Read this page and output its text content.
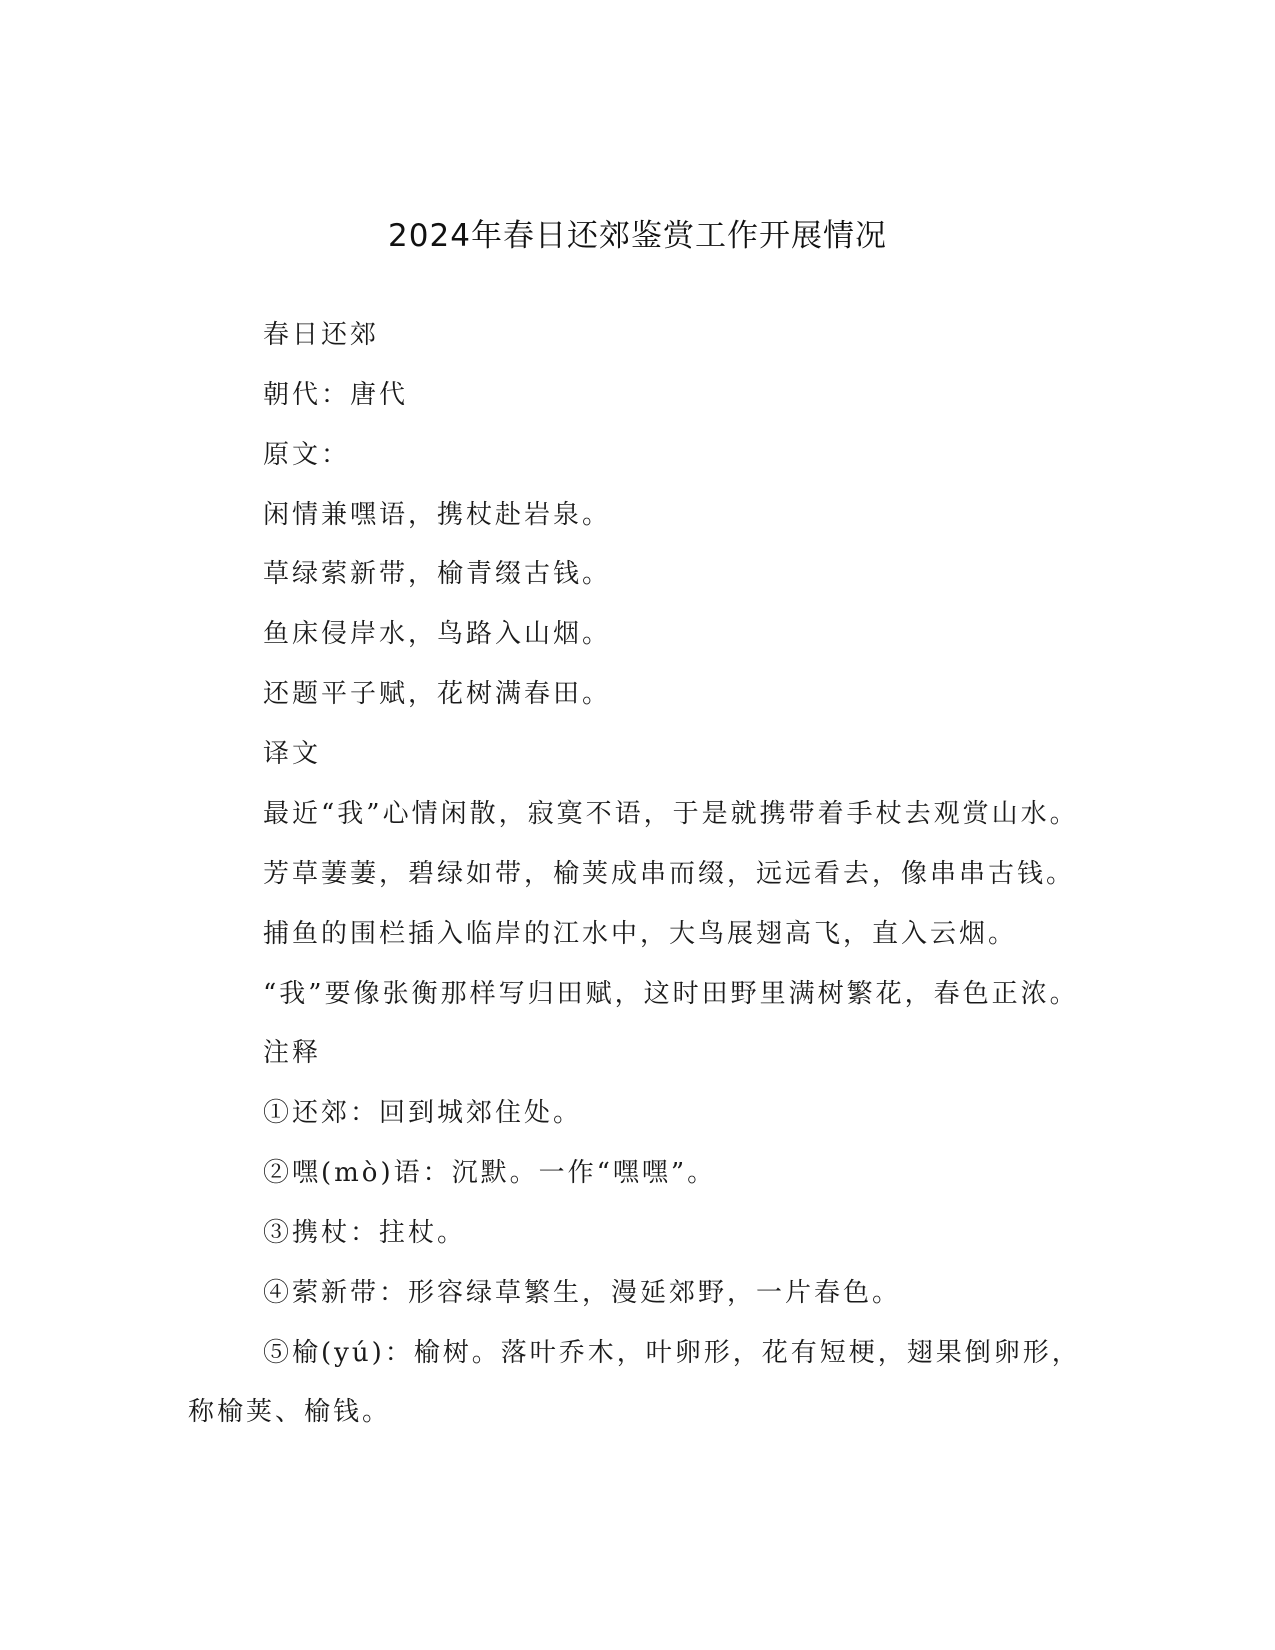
2024年春日还郊鉴赏工作开展情况
春日还郊
朝代：唐代
原文：
闲情兼嘿语，携杖赴岩泉。
草绿萦新带，榆青缀古钱。
鱼床侵岸水，鸟路入山烟。
还题平子赋，花树满春田。
译文
最近“我”心情闲散，寂寞不语，于是就携带着手杖去观赏山水。
芳草萋萋，碧绿如带，榆荚成串而缀，远远看去，像串串古钱。
捕鱼的围栏插入临岸的江水中，大鸟展翅高飞，直入云烟。
“我”要像张衡那样写归田赋，这时田野里满树繁花，春色正浓。
注释
①还郊：回到城郊住处。
②嘿(mò)语：沉默。一作“嘿嘿”。
③携杖：拄杖。
④萦新带：形容绿草繁生，漫延郊野，一片春色。
⑤榆(yú)：榆树。落叶乔木，叶卵形，花有短梗，翅果倒卵形，
称榆荚、榆钱。
